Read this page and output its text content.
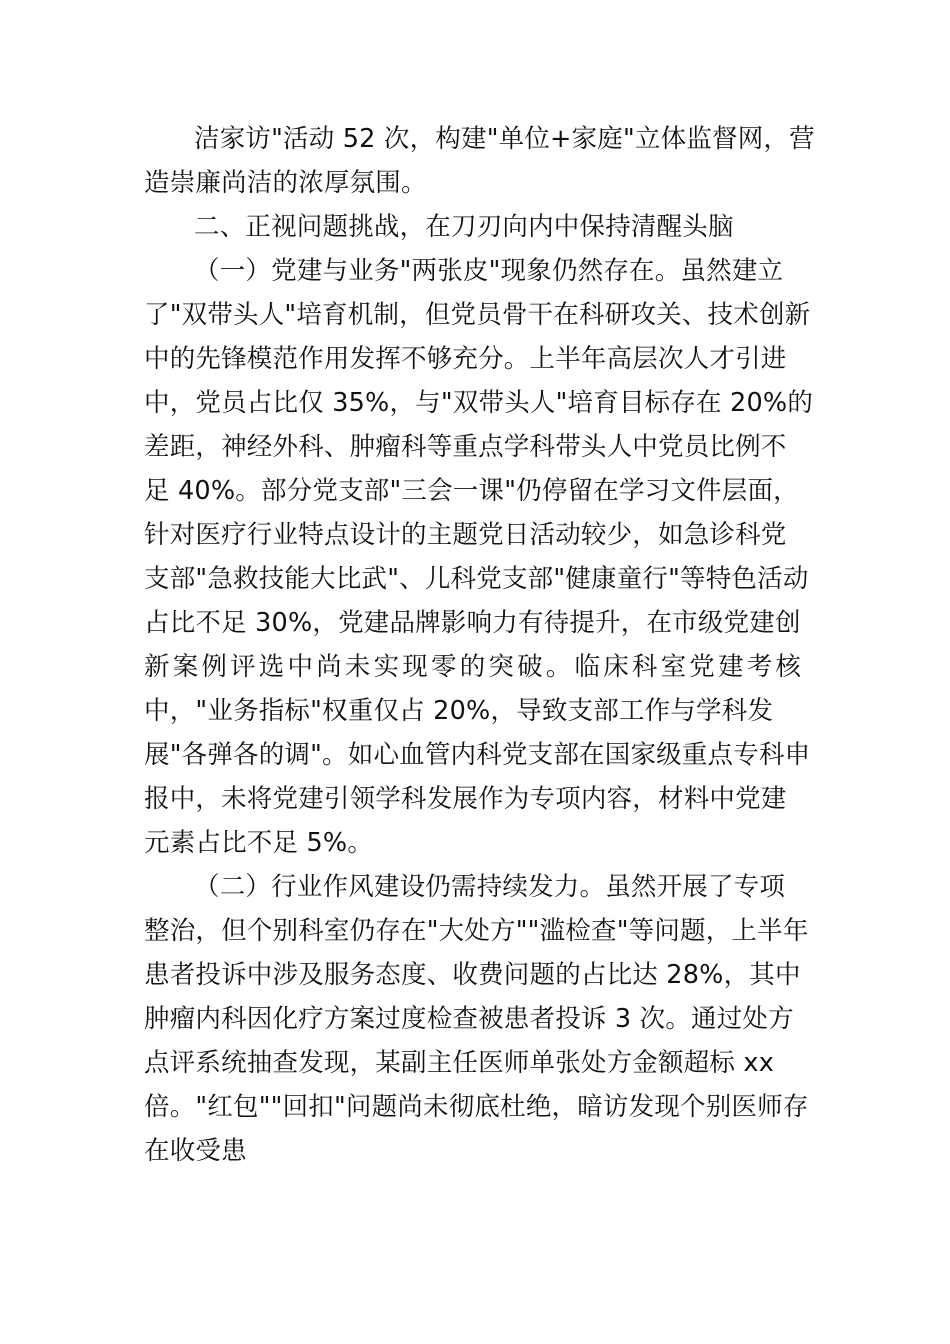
洁家访"活动 52 次，构建"单位+家庭"立体监督网，营
造崇廉尚洁的浓厚氛围。
二、正视问题挑战，在刀刃向内中保持清醒头脑
（一）党建与业务"两张皮"现象仍然存在。虽然建立
了"双带头人"培育机制，但党员骨干在科研攻关、技术创新
中的先锋模范作用发挥不够充分。上半年高层次人才引进
中，党员占比仅 35%，与"双带头人"培育目标存在 20%的
差距，神经外科、肿瘤科等重点学科带头人中党员比例不
足 40%。部分党支部"三会一课"仍停留在学习文件层面，
针对医疗行业特点设计的主题党日活动较少，如急诊科党
支部"急救技能大比武"、儿科党支部"健康童行"等特色活动
占比不足 30%，党建品牌影响力有待提升，在市级党建创
新案例评选中尚未实现零的突破。临床科室党建考核
中，"业务指标"权重仅占 20%，导致支部工作与学科发
展"各弹各的调"。如心血管内科党支部在国家级重点专科申
报中，未将党建引领学科发展作为专项内容，材料中党建
元素占比不足 5%。
（二）行业作风建设仍需持续发力。虽然开展了专项
整治，但个别科室仍存在"大处方""滥检查"等问题，上半年
患者投诉中涉及服务态度、收费问题的占比达 28%，其中
肿瘤内科因化疗方案过度检查被患者投诉 3 次。通过处方
点评系统抽查发现，某副主任医师单张处方金额超标 xx
倍。"红包""回扣"问题尚未彻底杜绝，暗访发现个别医师存
在收受患
